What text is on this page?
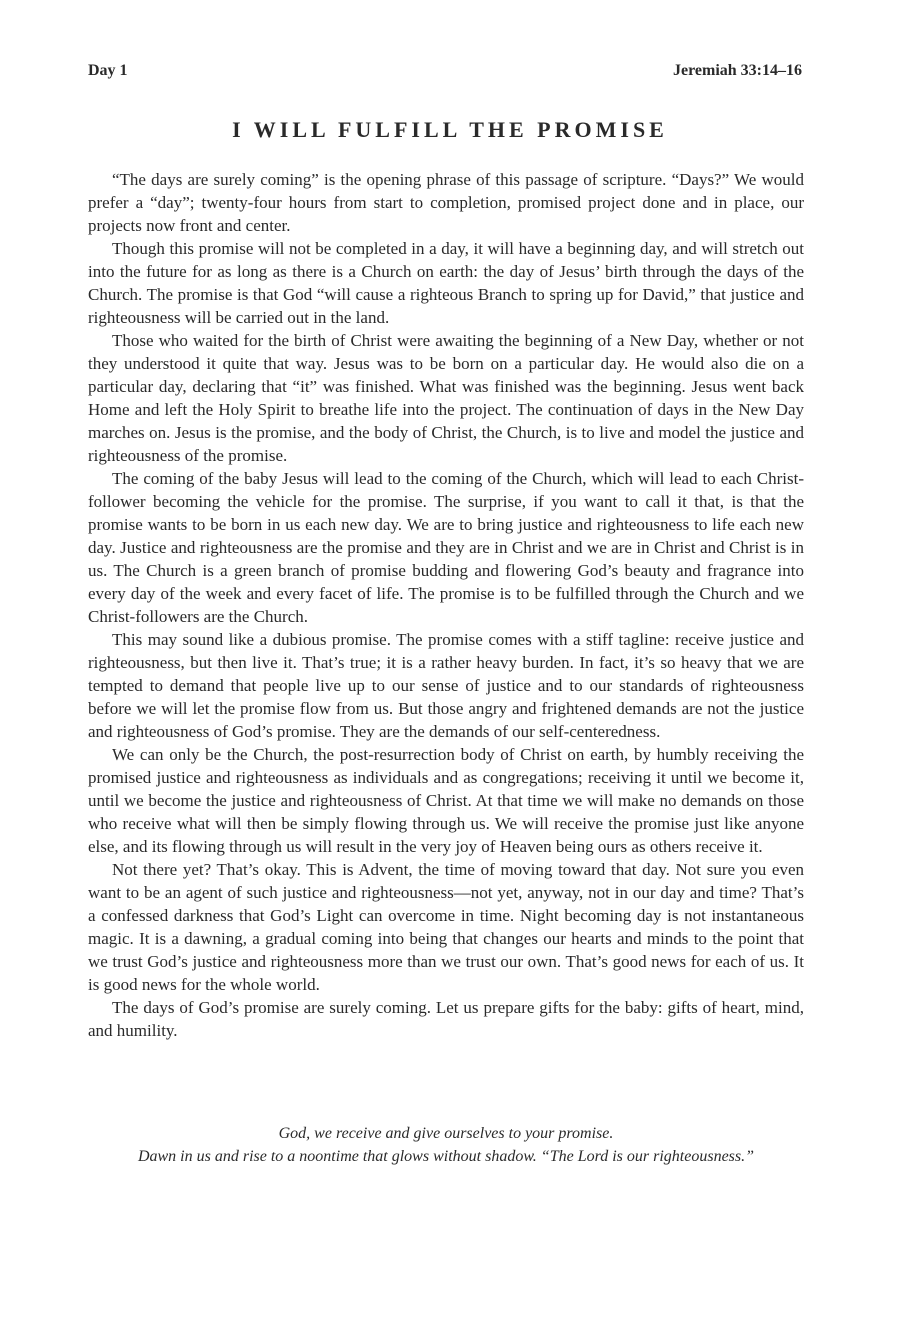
Day 1	Jeremiah 33:14–16
I WILL FULFILL THE PROMISE

“The days are surely coming” is the opening phrase of this passage of scripture. “Days?” We would prefer a “day”; twenty-four hours from start to completion, promised project done and in place, our projects now front and center.

Though this promise will not be completed in a day, it will have a beginning day, and will stretch out into the future for as long as there is a Church on earth: the day of Jesus’ birth through the days of the Church. The promise is that God “will cause a righteous Branch to spring up for David,” that justice and righteousness will be carried out in the land.

Those who waited for the birth of Christ were awaiting the beginning of a New Day, whether or not they understood it quite that way. Jesus was to be born on a particular day. He would also die on a particular day, declaring that “it” was finished. What was finished was the beginning. Jesus went back Home and left the Holy Spirit to breathe life into the project. The continuation of days in the New Day marches on. Jesus is the promise, and the body of Christ, the Church, is to live and model the justice and righteousness of the promise.

The coming of the baby Jesus will lead to the coming of the Church, which will lead to each Christ-follower becoming the vehicle for the promise. The surprise, if you want to call it that, is that the promise wants to be born in us each new day. We are to bring justice and righteousness to life each new day. Justice and righteousness are the promise and they are in Christ and we are in Christ and Christ is in us. The Church is a green branch of promise budding and flowering God’s beauty and fragrance into every day of the week and every facet of life. The promise is to be fulfilled through the Church and we Christ-followers are the Church.

This may sound like a dubious promise. The promise comes with a stiff tagline: receive justice and righteousness, but then live it. That’s true; it is a rather heavy burden. In fact, it’s so heavy that we are tempted to demand that people live up to our sense of justice and to our standards of righteousness before we will let the promise flow from us. But those angry and frightened demands are not the justice and righteousness of God’s promise. They are the demands of our self-centeredness.

We can only be the Church, the post-resurrection body of Christ on earth, by humbly receiving the promised justice and righteousness as individuals and as congregations; receiving it until we become it, until we become the justice and righteousness of Christ. At that time we will make no demands on those who receive what will then be simply flowing through us. We will receive the promise just like anyone else, and its flowing through us will result in the very joy of Heaven being ours as others receive it.

Not there yet? That’s okay. This is Advent, the time of moving toward that day. Not sure you even want to be an agent of such justice and righteousness—not yet, anyway, not in our day and time? That’s a confessed darkness that God’s Light can overcome in time. Night becoming day is not instantaneous magic. It is a dawning, a gradual coming into being that changes our hearts and minds to the point that we trust God’s justice and righteousness more than we trust our own. That’s good news for each of us. It is good news for the whole world.

The days of God’s promise are surely coming. Let us prepare gifts for the baby: gifts of heart, mind, and humility.

God, we receive and give ourselves to your promise.
Dawn in us and rise to a noontime that glows without shadow. “The Lord is our righteousness.”
